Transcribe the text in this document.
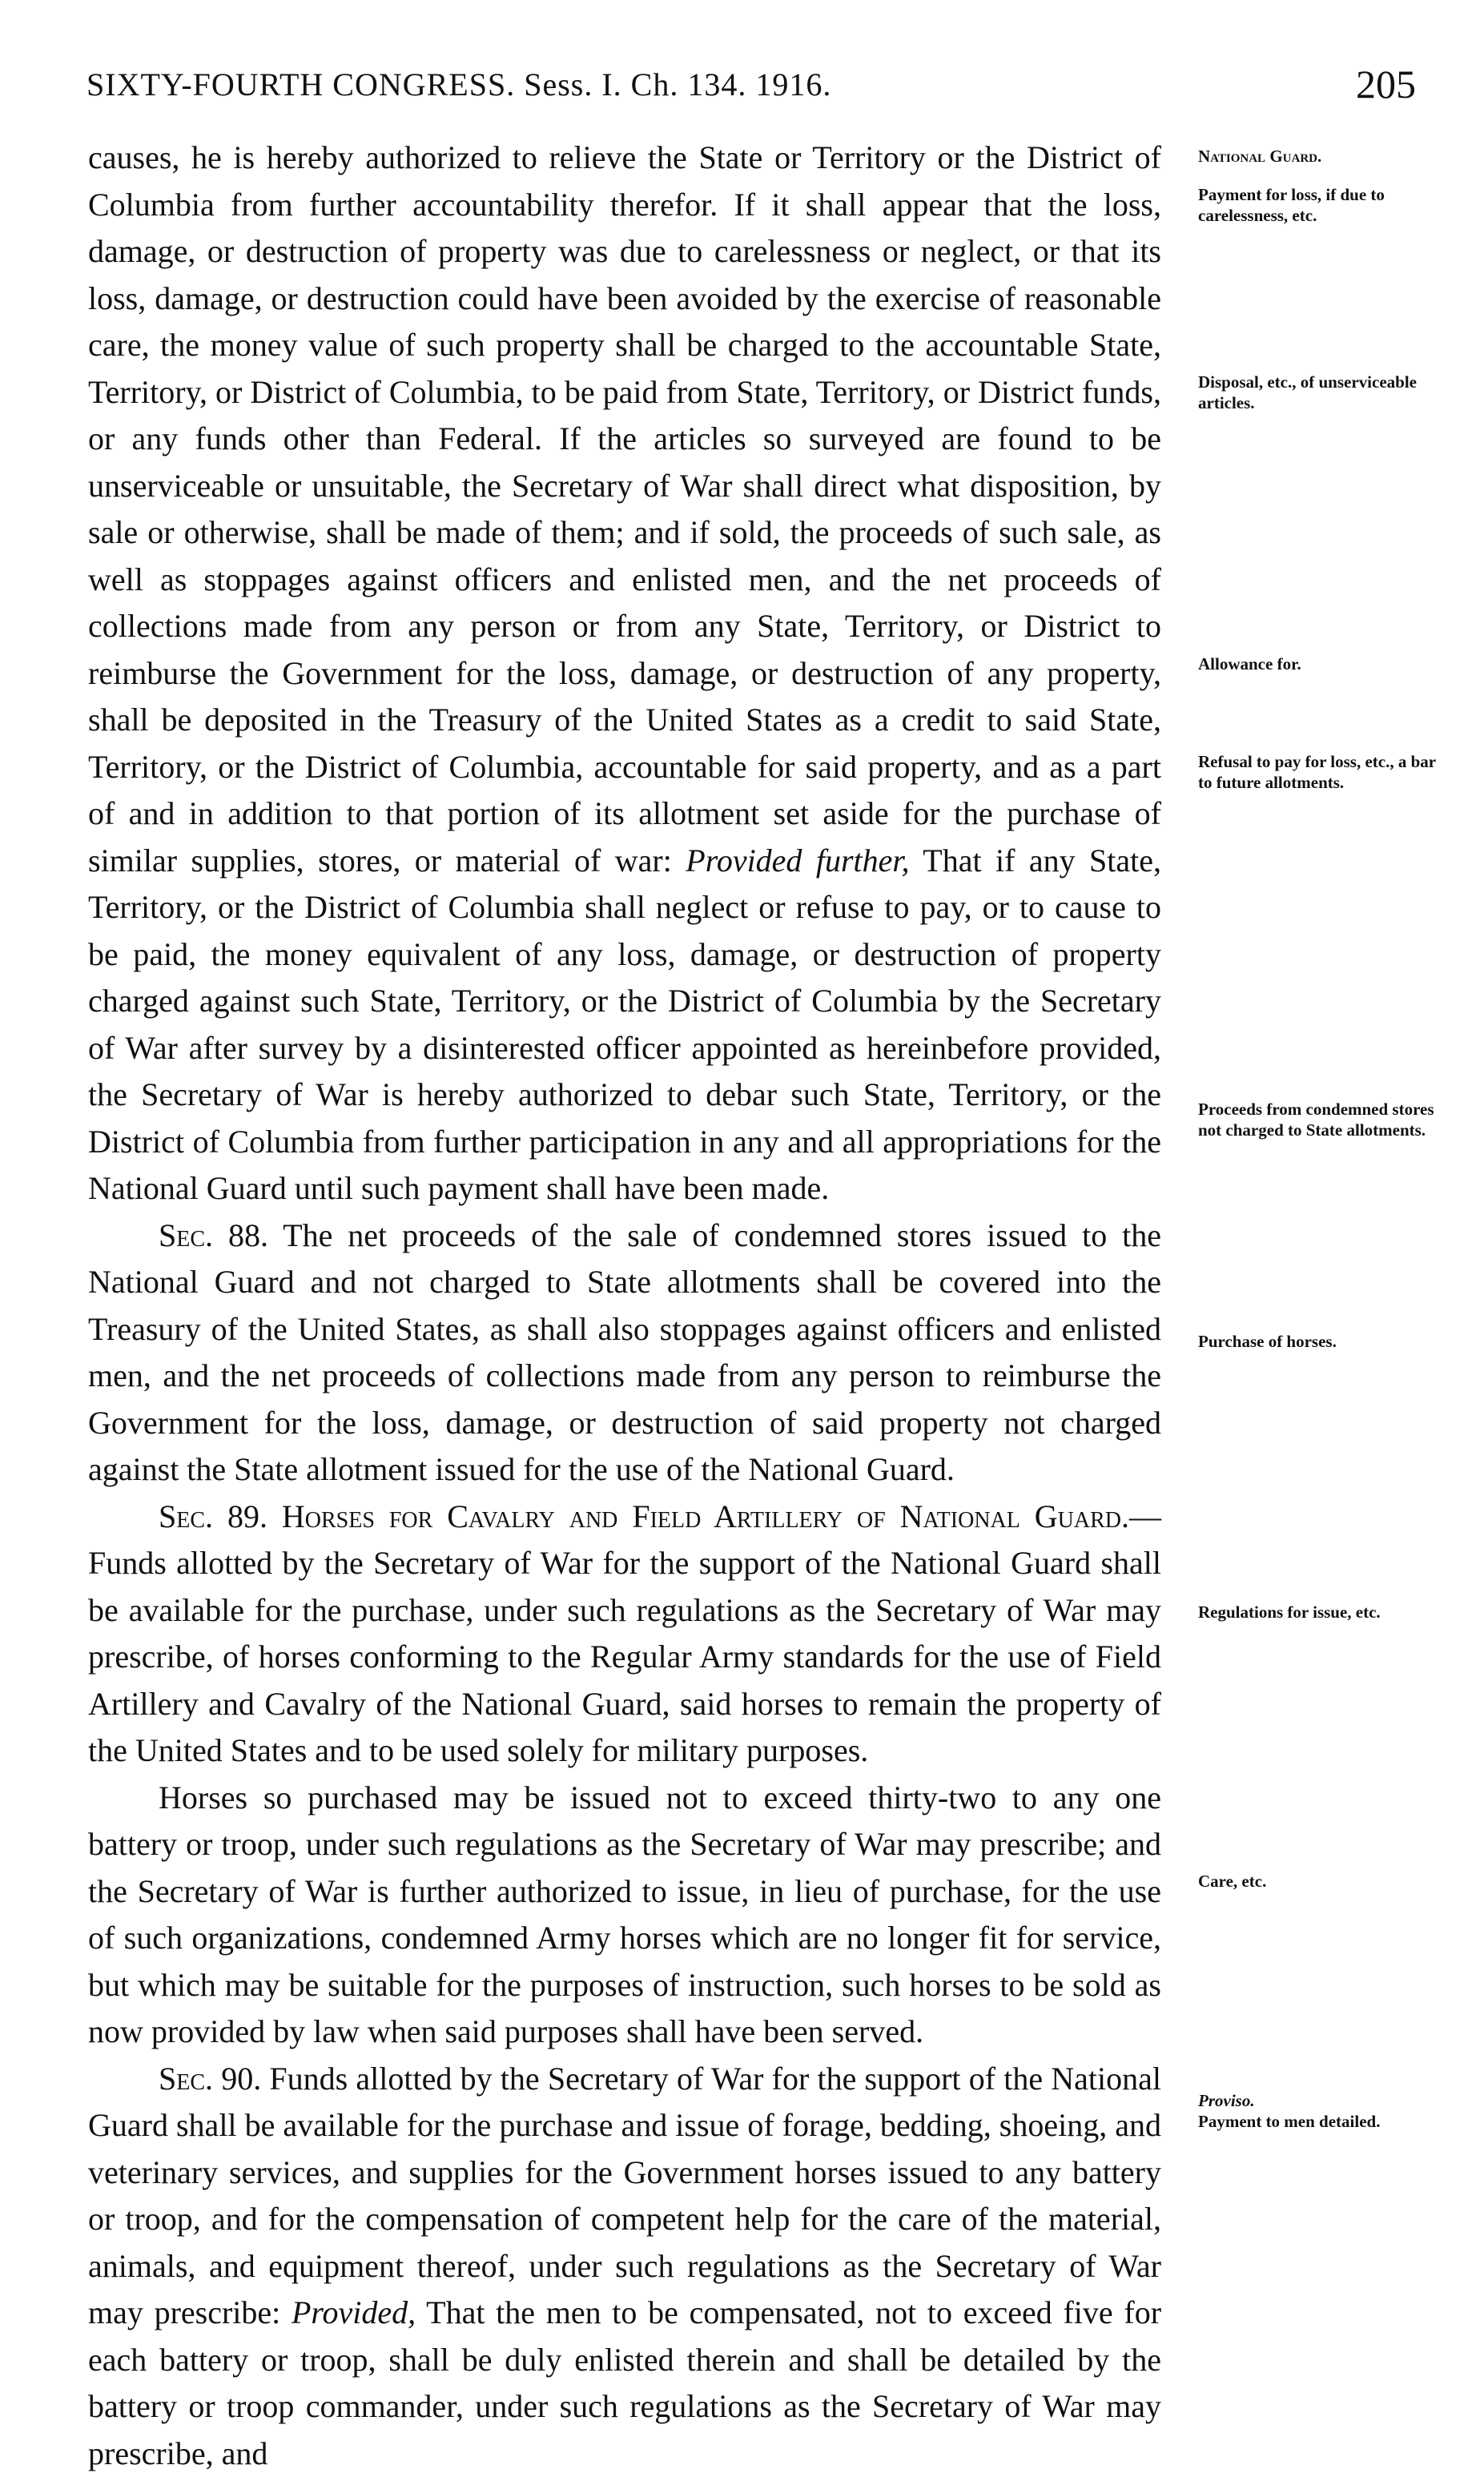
SIXTY-FOURTH CONGRESS. Sess. I. Ch. 134. 1916.	205

causes, he is hereby authorized to relieve the State or Territory or the District of Columbia from further accountability therefor. If it shall appear that the loss, damage, or destruction of property was due to carelessness or neglect, or that its loss, damage, or destruction could have been avoided by the exercise of reasonable care, the money value of such property shall be charged to the accountable State, Territory, or District of Columbia, to be paid from State, Territory, or District funds, or any funds other than Federal. If the articles so surveyed are found to be unserviceable or unsuitable, the Secretary of War shall direct what disposition, by sale or otherwise, shall be made of them; and if sold, the proceeds of such sale, as well as stoppages against officers and enlisted men, and the net proceeds of collections made from any person or from any State, Territory, or District to reimburse the Government for the loss, damage, or destruction of any property, shall be deposited in the Treasury of the United States as a credit to said State, Territory, or the District of Columbia, accountable for said property, and as a part of and in addition to that portion of its allotment set aside for the purchase of similar supplies, stores, or material of war: Provided further, That if any State, Territory, or the District of Columbia shall neglect or refuse to pay, or to cause to be paid, the money equivalent of any loss, damage, or destruction of property charged against such State, Territory, or the District of Columbia by the Secretary of War after survey by a disinterested officer appointed as hereinbefore provided, the Secretary of War is hereby authorized to debar such State, Territory, or the District of Columbia from further participation in any and all appropriations for the National Guard until such payment shall have been made.

Sec. 88. The net proceeds of the sale of condemned stores issued to the National Guard and not charged to State allotments shall be covered into the Treasury of the United States, as shall also stoppages against officers and enlisted men, and the net proceeds of collections made from any person to reimburse the Government for the loss, damage, or destruction of said property not charged against the State allotment issued for the use of the National Guard.

Sec. 89. Horses for Cavalry and Field Artillery of National Guard.—Funds allotted by the Secretary of War for the support of the National Guard shall be available for the purchase, under such regulations as the Secretary of War may prescribe, of horses conforming to the Regular Army standards for the use of Field Artillery and Cavalry of the National Guard, said horses to remain the property of the United States and to be used solely for military purposes.

Horses so purchased may be issued not to exceed thirty-two to any one battery or troop, under such regulations as the Secretary of War may prescribe; and the Secretary of War is further authorized to issue, in lieu of purchase, for the use of such organizations, condemned Army horses which are no longer fit for service, but which may be suitable for the purposes of instruction, such horses to be sold as now provided by law when said purposes shall have been served.

Sec. 90. Funds allotted by the Secretary of War for the support of the National Guard shall be available for the purchase and issue of forage, bedding, shoeing, and veterinary services, and supplies for the Government horses issued to any battery or troop, and for the compensation of competent help for the care of the material, animals, and equipment thereof, under such regulations as the Secretary of War may prescribe: Provided, That the men to be compensated, not to exceed five for each battery or troop, shall be duly enlisted therein and shall be detailed by the battery or troop commander, under such regulations as the Secretary of War may prescribe, and

National Guard.
Payment for loss, if due to carelessness, etc.
Disposal, etc., of unserviceable articles.
Allowance for.
Refusal to pay for loss, etc., a bar to future allotments.
Proceeds from condemned stores not charged to State allotments.
Purchase of horses.
Regulations for issue, etc.
Care, etc.
Proviso.
Payment to men detailed.
